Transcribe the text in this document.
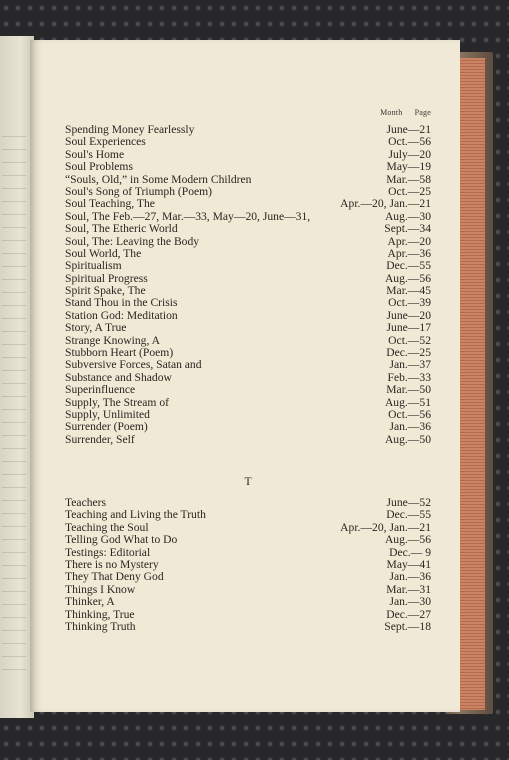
Month Page
Spending Money Fearlessly	June—21
Soul Experiences	Oct.—56
Soul's Home	July—20
Soul Problems	May—19
“Souls, Old,” in Some Modern Children	Mar.—58
Soul's Song of Triumph (Poem)	Oct.—25
Soul Teaching, The	Apr.—20, Jan.—21
Soul, The Feb.—27, Mar.—33, May—20, June—31,	Aug.—30
Soul, The Etheric World	Sept.—34
Soul, The: Leaving the Body	Apr.—20
Soul World, The	Apr.—36
Spiritualism	Dec.—55
Spiritual Progress	Aug.—56
Spirit Spake, The	Mar.—45
Stand Thou in the Crisis	Oct.—39
Station God: Meditation	June—20
Story, A True	June—17
Strange Knowing, A	Oct.—52
Stubborn Heart (Poem)	Dec.—25
Subversive Forces, Satan and	Jan.—37
Substance and Shadow	Feb.—33
Superinfluence	Mar.—50
Supply, The Stream of	Aug.—51
Supply, Unlimited	Oct.—56
Surrender (Poem)	Jan.—36
Surrender, Self	Aug.—50
T
Teachers	June—52
Teaching and Living the Truth	Dec.—55
Teaching the Soul	Apr.—20, Jan.—21
Telling God What to Do	Aug.—56
Testings: Editorial	Dec.— 9
There is no Mystery	May—41
They That Deny God	Jan.—36
Things I Know	Mar.—31
Thinker, A	Jan.—30
Thinking, True	Dec.—27
Thinking Truth	Sept.—18
